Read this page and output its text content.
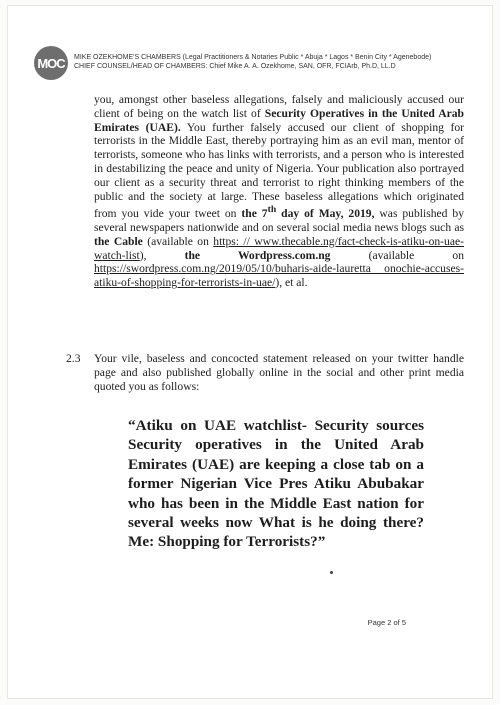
MOC MIKE OZEKHOME'S CHAMBERS (Legal Practitioners & Notaries Public * Abuja * Lagos * Benin City * Agenebode)
CHIEF COUNSEL/HEAD OF CHAMBERS: Chief Mike A. A. Ozekhome, SAN, OFR, FCIArb, Ph.D, LL.D

you, amongst other baseless allegations, falsely and maliciously accused our client of being on the watch list of Security Operatives in the United Arab Emirates (UAE). You further falsely accused our client of shopping for terrorists in the Middle East, thereby portraying him as an evil man, mentor of terrorists, someone who has links with terrorists, and a person who is interested in destabilizing the peace and unity of Nigeria. Your publication also portrayed our client as a security threat and terrorist to right thinking members of the public and the society at large. These baseless allegations which originated from you vide your tweet on the 7th day of May, 2019, was published by several newspapers nationwide and on several social media news blogs such as the Cable (available on https: // www.thecable.ng/fact-check-is-atiku-on-uae-watch-list), the Wordpress.com.ng (available on https://swordpress.com.ng/2019/05/10/buharis-aide-lauretta onochie-accuses-atiku-of-shopping-for-terrorists-in-uae/), et al.

2.3	Your vile, baseless and concocted statement released on your twitter handle page and also published globally online in the social and other print media quoted you as follows:
“Atiku on UAE watchlist- Security sources Security operatives in the United Arab Emirates (UAE) are keeping a close tab on a former Nigerian Vice Pres Atiku Abubakar who has been in the Middle East nation for several weeks now What is he doing there? Me: Shopping for Terrorists?”
Page 2 of 5
